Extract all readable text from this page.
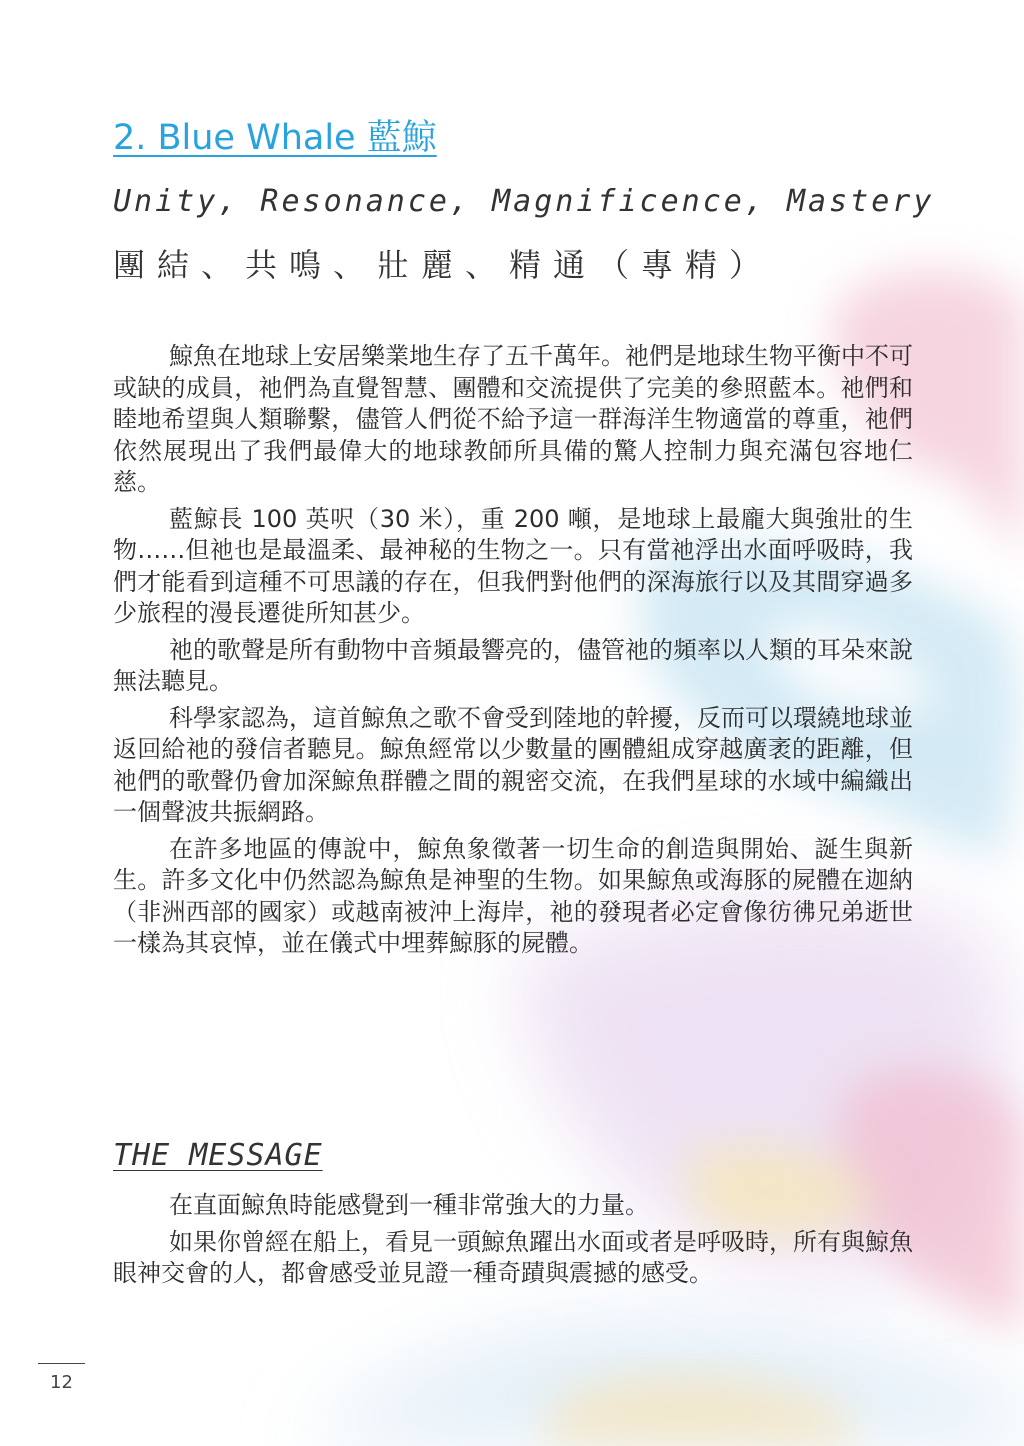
2. Blue Whale 藍鯨

Unity, Resonance, Magnificence, Mastery

團結、共鳴、壯麗、精通（專精）

鯨魚在地球上安居樂業地生存了五千萬年。祂們是地球生物平衡中不可或缺的成員，祂們為直覺智慧、團體和交流提供了完美的參照藍本。祂們和睦地希望與人類聯繫，儘管人們從不給予這一群海洋生物適當的尊重，祂們依然展現出了我們最偉大的地球教師所具備的驚人控制力與充滿包容地仁慈。

藍鯨長 100 英呎（30 米），重 200 噸，是地球上最龐大與強壯的生物……但祂也是最溫柔、最神秘的生物之一。只有當祂浮出水面呼吸時，我們才能看到這種不可思議的存在，但我們對他們的深海旅行以及其間穿過多少旅程的漫長遷徙所知甚少。

祂的歌聲是所有動物中音頻最響亮的，儘管祂的頻率以人類的耳朵來說無法聽見。

科學家認為，這首鯨魚之歌不會受到陸地的幹擾，反而可以環繞地球並返回給祂的發信者聽見。鯨魚經常以少數量的團體組成穿越廣袤的距離，但祂們的歌聲仍會加深鯨魚群體之間的親密交流，在我們星球的水域中編織出一個聲波共振網路。

在許多地區的傳說中，鯨魚象徵著一切生命的創造與開始、誕生與新生。許多文化中仍然認為鯨魚是神聖的生物。如果鯨魚或海豚的屍體在迦納（非洲西部的國家）或越南被沖上海岸，祂的發現者必定會像彷彿兄弟逝世一樣為其哀悼，並在儀式中埋葬鯨豚的屍體。

THE MESSAGE

在直面鯨魚時能感覺到一種非常強大的力量。

如果你曾經在船上，看見一頭鯨魚躍出水面或者是呼吸時，所有與鯨魚眼神交會的人，都會感受並見證一種奇蹟與震撼的感受。

12
